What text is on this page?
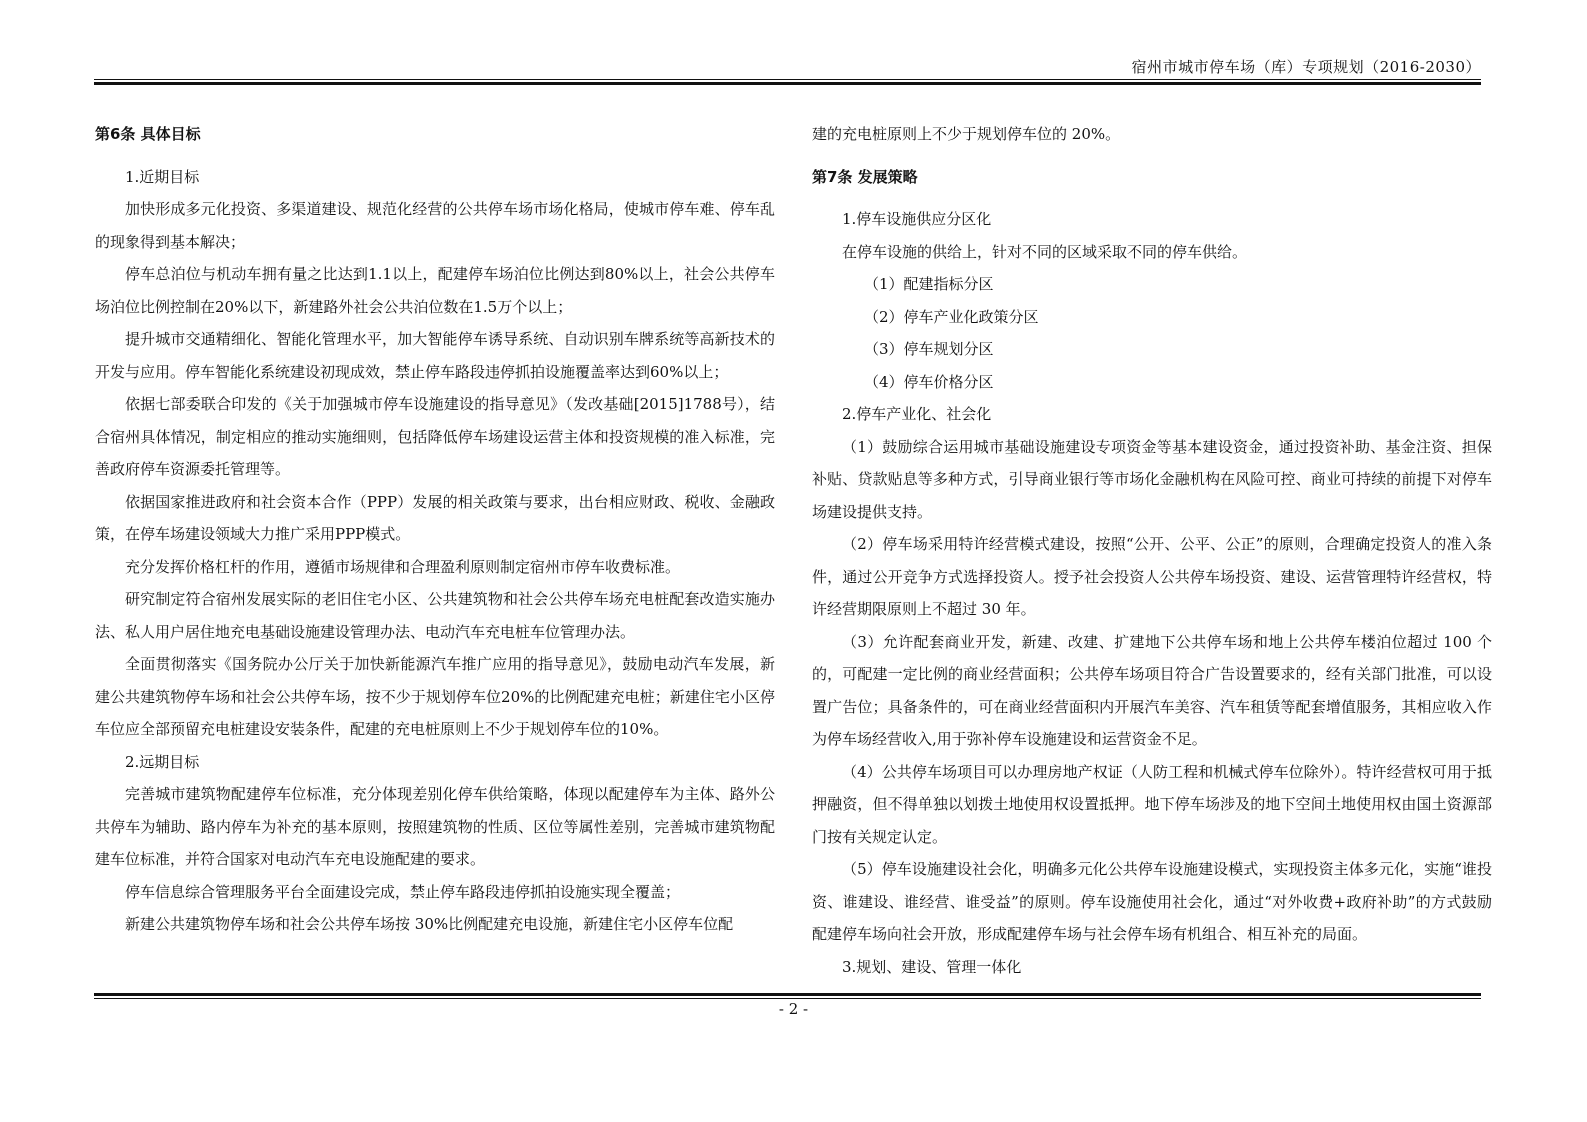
宿州市城市停车场（库）专项规划（2016-2030）

第6条 具体目标

1.近期目标

加快形成多元化投资、多渠道建设、规范化经营的公共停车场市场化格局，使城市停车难、停车乱的现象得到基本解决；

停车总泊位与机动车拥有量之比达到1.1以上，配建停车场泊位比例达到80%以上，社会公共停车场泊位比例控制在20%以下，新建路外社会公共泊位数在1.5万个以上；

提升城市交通精细化、智能化管理水平，加大智能停车诱导系统、自动识别车牌系统等高新技术的开发与应用。停车智能化系统建设初现成效，禁止停车路段违停抓拍设施覆盖率达到60%以上；

依据七部委联合印发的《关于加强城市停车设施建设的指导意见》（发改基础[2015]1788号），结合宿州具体情况，制定相应的推动实施细则，包括降低停车场建设运营主体和投资规模的准入标准，完善政府停车资源委托管理等。

依据国家推进政府和社会资本合作（PPP）发展的相关政策与要求，出台相应财政、税收、金融政策，在停车场建设领域大力推广采用PPP模式。

充分发挥价格杠杆的作用，遵循市场规律和合理盈利原则制定宿州市停车收费标准。

研究制定符合宿州发展实际的老旧住宅小区、公共建筑物和社会公共停车场充电桩配套改造实施办法、私人用户居住地充电基础设施建设管理办法、电动汽车充电桩车位管理办法。

全面贯彻落实《国务院办公厅关于加快新能源汽车推广应用的指导意见》，鼓励电动汽车发展，新建公共建筑物停车场和社会公共停车场，按不少于规划停车位20%的比例配建充电桩；新建住宅小区停车位应全部预留充电桩建设安装条件，配建的充电桩原则上不少于规划停车位的10%。

2.远期目标

完善城市建筑物配建停车位标准，充分体现差别化停车供给策略，体现以配建停车为主体、路外公共停车为辅助、路内停车为补充的基本原则，按照建筑物的性质、区位等属性差别，完善城市建筑物配建车位标准，并符合国家对电动汽车充电设施配建的要求。

停车信息综合管理服务平台全面建设完成，禁止停车路段违停抓拍设施实现全覆盖；

新建公共建筑物停车场和社会公共停车场按 30%比例配建充电设施，新建住宅小区停车位配

建的充电桩原则上不少于规划停车位的 20%。

第7条 发展策略

1.停车设施供应分区化

在停车设施的供给上，针对不同的区域采取不同的停车供给。

（1）配建指标分区

（2）停车产业化政策分区

（3）停车规划分区

（4）停车价格分区

2.停车产业化、社会化

（1）鼓励综合运用城市基础设施建设专项资金等基本建设资金，通过投资补助、基金注资、担保补贴、贷款贴息等多种方式，引导商业银行等市场化金融机构在风险可控、商业可持续的前提下对停车场建设提供支持。

（2）停车场采用特许经营模式建设，按照“公开、公平、公正”的原则，合理确定投资人的准入条件，通过公开竞争方式选择投资人。授予社会投资人公共停车场投资、建设、运营管理特许经营权，特许经营期限原则上不超过 30 年。

（3）允许配套商业开发，新建、改建、扩建地下公共停车场和地上公共停车楼泊位超过 100 个的，可配建一定比例的商业经营面积；公共停车场项目符合广告设置要求的，经有关部门批准，可以设置广告位；具备条件的，可在商业经营面积内开展汽车美容、汽车租赁等配套增值服务，其相应收入作为停车场经营收入,用于弥补停车设施建设和运营资金不足。

（4）公共停车场项目可以办理房地产权证（人防工程和机械式停车位除外）。特许经营权可用于抵押融资，但不得单独以划拨土地使用权设置抵押。地下停车场涉及的地下空间土地使用权由国土资源部门按有关规定认定。

（5）停车设施建设社会化，明确多元化公共停车设施建设模式，实现投资主体多元化，实施“谁投资、谁建设、谁经营、谁受益”的原则。停车设施使用社会化，通过“对外收费+政府补助”的方式鼓励配建停车场向社会开放，形成配建停车场与社会停车场有机组合、相互补充的局面。

3.规划、建设、管理一体化

- 2 -
